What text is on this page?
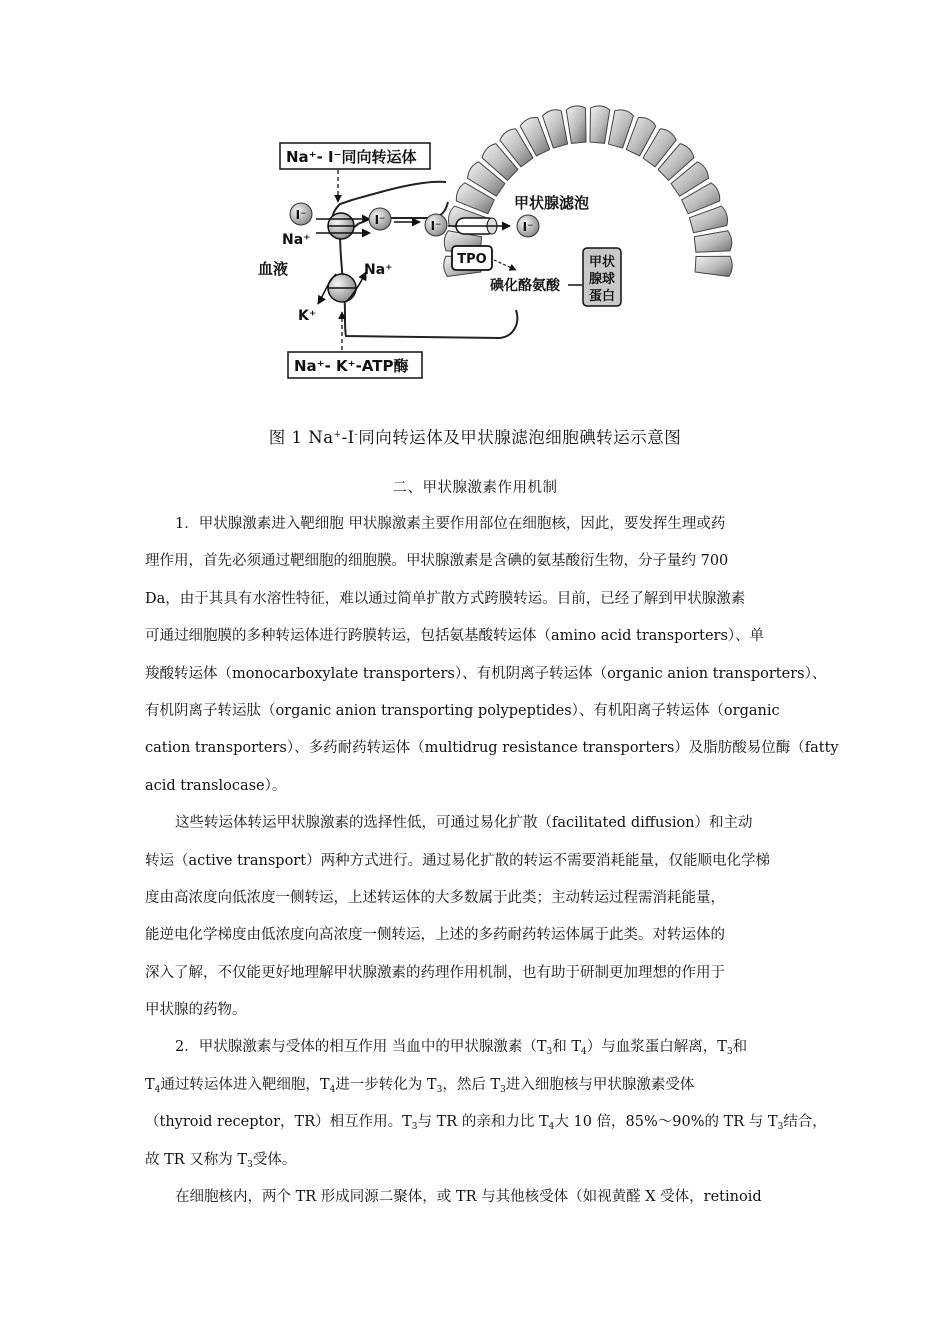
Na⁺- I⁻同向转运体
Na⁺- K⁺-ATP酶
I⁻	I⁻	I⁻	I⁻
TPO
甲状腺滤泡
Na⁺
血液	Na⁺
K⁺
碘化酪氨酸
甲状
腺球
蛋白
图 1 Na+-I-同向转运体及甲状腺滤泡细胞碘转运示意图
二、甲状腺激素作用机制
1．甲状腺激素进入靶细胞 甲状腺激素主要作用部位在细胞核，因此，要发挥生理或药
理作用，首先必须通过靶细胞的细胞膜。甲状腺激素是含碘的氨基酸衍生物，分子量约 700
Da，由于其具有水溶性特征，难以通过简单扩散方式跨膜转运。目前，已经了解到甲状腺激素
可通过细胞膜的多种转运体进行跨膜转运，包括氨基酸转运体（amino acid transporters）、单
羧酸转运体（monocarboxylate transporters）、有机阴离子转运体（organic anion transporters）、
有机阴离子转运肽（organic anion transporting polypeptides）、有机阳离子转运体（organic
cation transporters）、多药耐药转运体（multidrug resistance transporters）及脂肪酸易位酶（fatty
acid translocase）。
这些转运体转运甲状腺激素的选择性低，可通过易化扩散（facilitated diffusion）和主动
转运（active transport）两种方式进行。通过易化扩散的转运不需要消耗能量，仅能顺电化学梯
度由高浓度向低浓度一侧转运，上述转运体的大多数属于此类；主动转运过程需消耗能量，
能逆电化学梯度由低浓度向高浓度一侧转运，上述的多药耐药转运体属于此类。对转运体的
深入了解，不仅能更好地理解甲状腺激素的药理作用机制，也有助于研制更加理想的作用于
甲状腺的药物。
2．甲状腺激素与受体的相互作用 当血中的甲状腺激素（$T_3$和 $T_4$）与血浆蛋白解离，$T_3$和
$T_4$通过转运体进入靶细胞，$T_4$进一步转化为 $T_3$，然后 $T_3$进入细胞核与甲状腺激素受体
（thyroid receptor，TR）相互作用。$T_3$与 TR 的亲和力比 $T_4$大 10 倍，85%～90%的 TR 与 $T_3$结合，
故 TR 又称为 $T_3$受体。
在细胞核内，两个 TR 形成同源二聚体，或 TR 与其他核受体（如视黄醛 X 受体，retinoid
